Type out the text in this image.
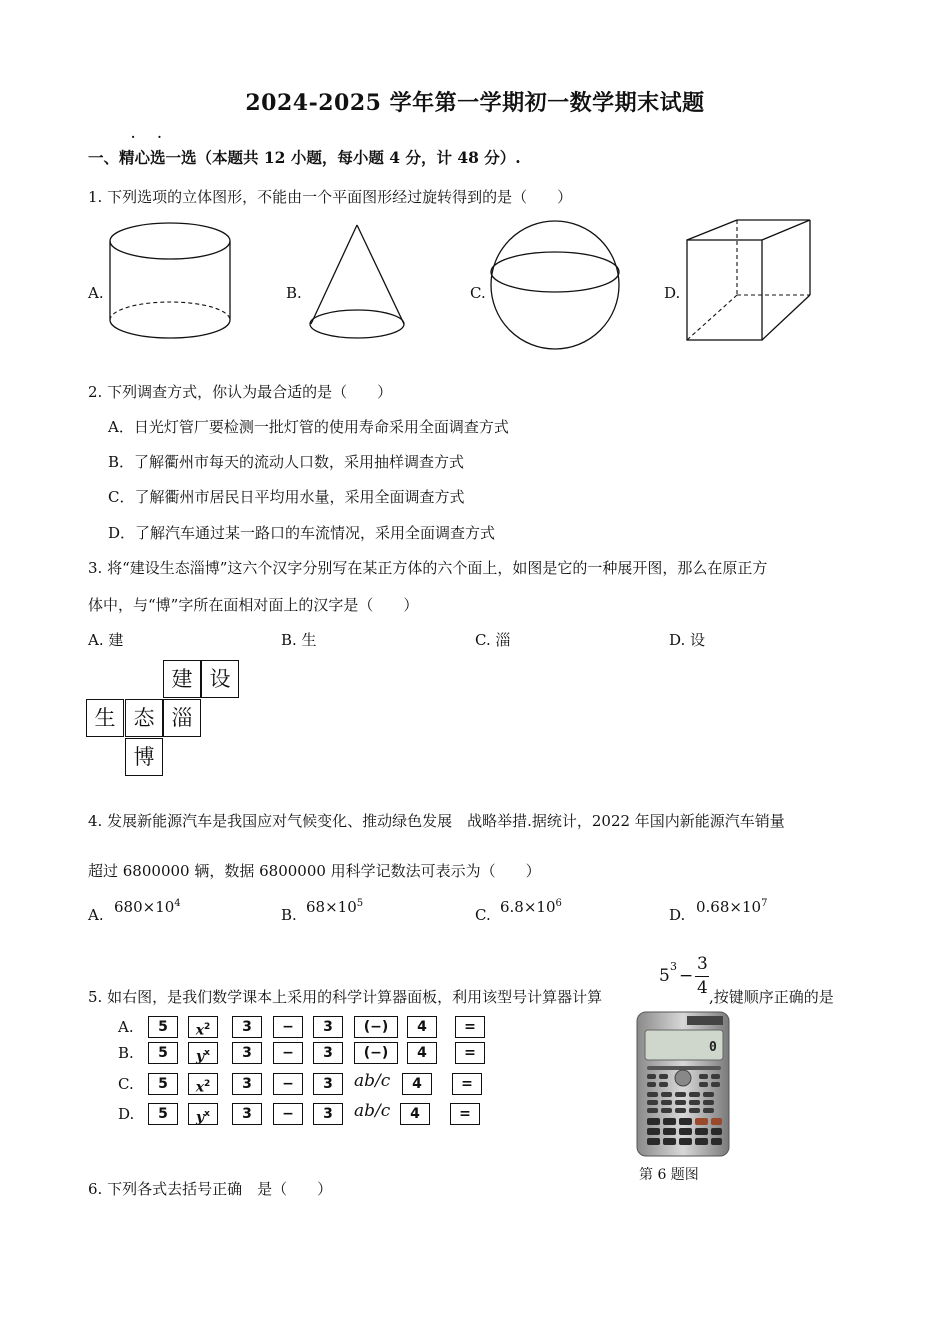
2024-2025 学年第一学期初一数学期末试题
· ·
一、精心选一选（本题共 12 小题，每小题 4 分，计 48 分）.
1. 下列选项的立体图形，不能由一个平面图形经过旋转得到的是（　　）
A.	B.	C.	D.
2. 下列调查方式，你认为最合适的是（　　）
A．日光灯管厂要检测一批灯管的使用寿命采用全面调查方式
B．了解衢州市每天的流动人口数，采用抽样调查方式
C．了解衢州市居民日平均用水量，采用全面调查方式
D．了解汽车通过某一路口的车流情况，采用全面调查方式
3. 将“建设生态淄博”这六个汉字分别写在某正方体的六个面上，如图是它的一种展开图，那么在原正方
体中，与“博”字所在面相对面上的汉字是（　　）
A. 建	B. 生	C. 淄	D. 设
建 设
生 态 淄
博
4. 发展新能源汽车是我国应对气候变化、推动绿色发展　战略举措.据统计，2022 年国内新能源汽车销量
超过 6800000 辆，数据 6800000 用科学记数法可表示为（　　）
A. $680\times 10^4$
B. $68\times 10^5$
C. $6.8\times 10^6$
D. $0.68\times 10^7$
5. 如右图，是我们数学课本上采用的科学计算器面板，利用该型号计算器计算
5 3 −
3
4 ,按键顺序正确的是
A.	5	$x^2$	3	−	3	(−)	4	=
B.	5	$y^x$	3	−	3	(−)	4	=
C.	5	$x^2$	3	−	3	ab/c	4	=
D.	5	$y^x$	3	−	3	ab/c	4	=
0
第 6 题图
6. 下列各式去括号正确　是（　　）
